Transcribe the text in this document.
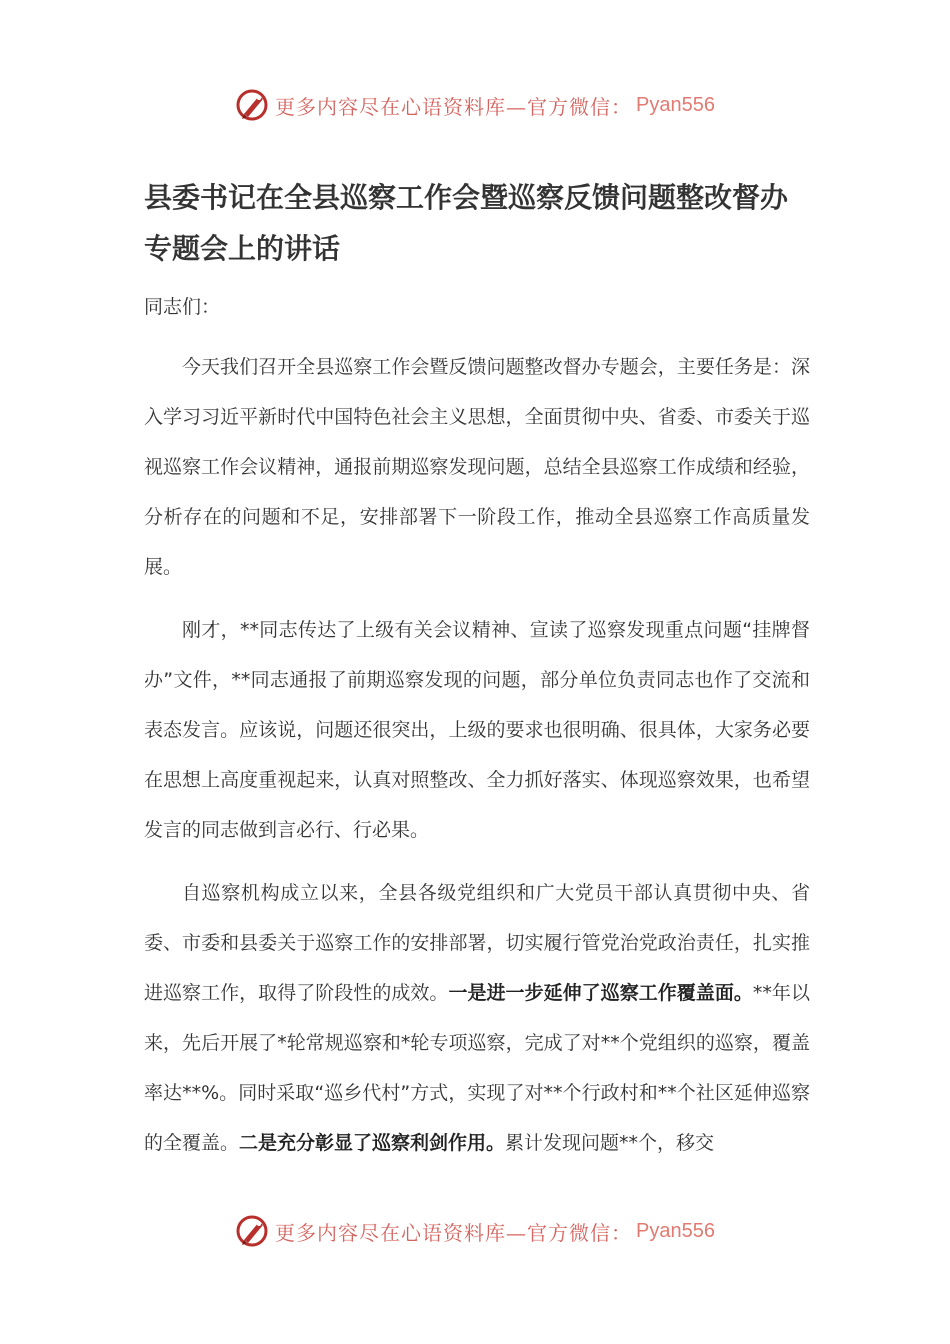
更多内容尽在心语资料库—官方微信： Pyan556
县委书记在全县巡察工作会暨巡察反馈问题整改督办专题会上的讲话

同志们：

今天我们召开全县巡察工作会暨反馈问题整改督办专题会，主要任务是：深入学习习近平新时代中国特色社会主义思想，全面贯彻中央、省委、市委关于巡视巡察工作会议精神，通报前期巡察发现问题，总结全县巡察工作成绩和经验，分析存在的问题和不足，安排部署下一阶段工作，推动全县巡察工作高质量发展。

刚才，**同志传达了上级有关会议精神、宣读了巡察发现重点问题“挂牌督办”文件，**同志通报了前期巡察发现的问题，部分单位负责同志也作了交流和表态发言。应该说，问题还很突出，上级的要求也很明确、很具体，大家务必要在思想上高度重视起来，认真对照整改、全力抓好落实、体现巡察效果，也希望发言的同志做到言必行、行必果。

自巡察机构成立以来，全县各级党组织和广大党员干部认真贯彻中央、省委、市委和县委关于巡察工作的安排部署，切实履行管党治党政治责任，扎实推进巡察工作，取得了阶段性的成效。一是进一步延伸了巡察工作覆盖面。**年以来，先后开展了*轮常规巡察和*轮专项巡察，完成了对**个党组织的巡察，覆盖率达**%。同时采取“巡乡代村”方式，实现了对**个行政村和**个社区延伸巡察的全覆盖。二是充分彰显了巡察利剑作用。累计发现问题**个，移交

更多内容尽在心语资料库—官方微信： Pyan556
